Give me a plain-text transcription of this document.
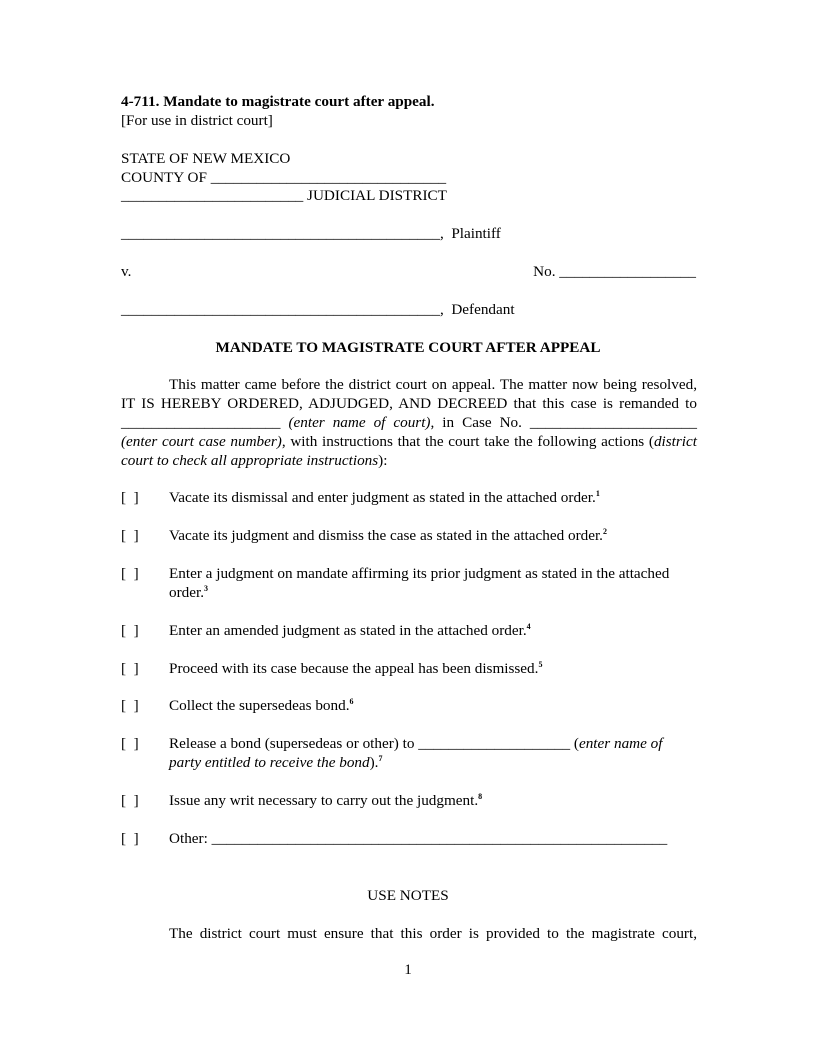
4-711. Mandate to magistrate court after appeal.
[For use in district court]
STATE OF NEW MEXICO
COUNTY OF _______________________________
________________________ JUDICIAL DISTRICT
__________________________________________,  Plaintiff
v.	No. __________________
__________________________________________,  Defendant
MANDATE TO MAGISTRATE COURT AFTER APPEAL
This matter came before the district court on appeal. The matter now being resolved,
IT IS HEREBY ORDERED, ADJUDGED, AND DECREED that this case is remanded to
_____________________ (enter name of court), in Case No. ______________________
(enter court case number), with instructions that the court take the following actions (district
court to check all appropriate instructions):
[  ] Vacate its dismissal and enter judgment as stated in the attached order.$^1$
[  ] Vacate its judgment and dismiss the case as stated in the attached order.$^2$
[  ] Enter a judgment on mandate affirming its prior judgment as stated in the attached
order.$^3$
[  ] Enter an amended judgment as stated in the attached order.$^4$
[  ] Proceed with its case because the appeal has been dismissed.$^5$
[  ] Collect the supersedeas bond.$^6$
[  ] Release a bond (supersedeas or other) to ____________________ (enter name of
party entitled to receive the bond).$^7$
[  ] Issue any writ necessary to carry out the judgment.$^8$
[  ] Other: ____________________________________________________________
USE NOTES
The district court must ensure that this order is provided to the magistrate court,
1
